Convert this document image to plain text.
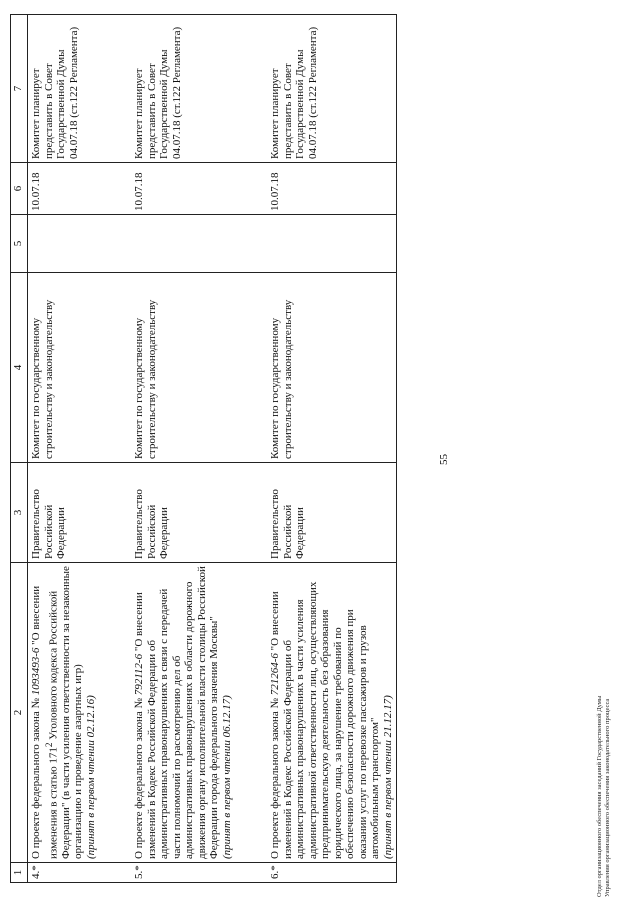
55
1	2	3	4	5	6	7
4.*	О проекте федерального закона № 1093493-6 "О внесении изменения в статью $171^2$ Уголовного кодекса Российской Федерации" (в части усиления ответственности за незаконные организацию и проведение азартных игр) (принят в первом чтении 02.12.16)	Правительство Российской Федерации	Комитет по государственному строительству и законодательству		10.07.18	Комитет планирует представить в Совет Государственной Думы 04.07.18 (ст.122 Регламента)

5.*	О проекте федерального закона № 792112-6 "О внесении изменений в Кодекс Российской Федерации об административных правонарушениях в связи с передачей части полномочий по рассмотрению дел об административных правонарушениях в области дорожного движения органу исполнительной власти столицы Российской Федерации города федерального значения Москвы" (принят в первом чтении 06.12.17)	Правительство Российской Федерации	Комитет по государственному строительству и законодательству		10.07.18	Комитет планирует представить в Совет Государственной Думы 04.07.18 (ст.122 Регламента)

6.*	О проекте федерального закона № 721264-6 "О внесении изменений в Кодекс Российской Федерации об административных правонарушениях в части усиления административной ответственности лиц, осуществляющих предпринимательскую деятельность без образования юридического лица, за нарушение требований по обеспечению безопасности дорожного движения при оказании услуг по перевозке пассажиров и грузов автомобильным транспортом" (принят в первом чтении 21.12.17)	Правительство Российской Федерации	Комитет по государственному строительству и законодательству		10.07.18	Комитет планирует представить в Совет Государственной Думы 04.07.18 (ст.122 Регламента)
Отдел организационного обеспечения заседаний Государственной Думы Управления организационного обеспечения законодательного процесса
